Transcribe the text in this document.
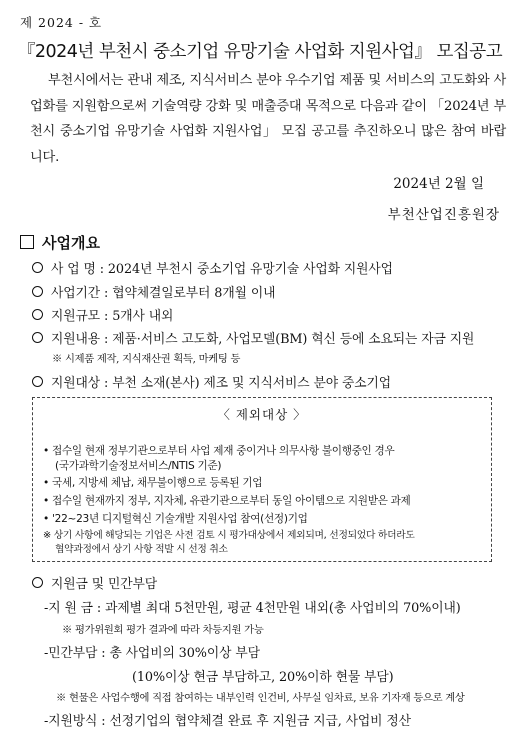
제 2024 - 호
『2024년 부천시 중소기업 유망기술 사업화 지원사업』 모집공고
부천시에서는 관내 제조, 지식서비스 분야 우수기업 제품 및 서비스의 고도화와 사업화를 지원함으로써 기술역량 강화 및 매출증대 목적으로 다음과 같이 「2024년 부천시 중소기업 유망기술 사업화 지원사업」 모집 공고를 추진하오니 많은 참여 바랍니다.
2024년 2월 일
부천산업진흥원장
사업개요
사 업 명 : 2024년 부천시 중소기업 유망기술 사업화 지원사업
사업기간 : 협약체결일로부터 8개월 이내
지원규모 : 5개사 내외
지원내용 : 제품·서비스 고도화, 사업모델(BM) 혁신 등에 소요되는 자금 지원
※ 시제품 제작, 지식재산권 획득, 마케팅 등
지원대상 : 부천 소재(본사) 제조 및 지식서비스 분야 중소기업
〈 제외대상 〉
• 접수일 현재 정부기관으로부터 사업 제재 중이거나 의무사항 불이행중인 경우
(국가과학기술정보서비스/NTIS 기준)
• 국세, 지방세 체납, 채무불이행으로 등록된 기업
• 접수일 현재까지 정부, 지자체, 유관기관으로부터 동일 아이템으로 지원받은 과제
• '22~23년 디지털혁신 기술개발 지원사업 참여(선정)기업
※ 상기 사항에 해당되는 기업은 사전 검토 시 평가대상에서 제외되며, 선정되었다 하더라도
협약과정에서 상기 사항 적발 시 선정 취소
지원금 및 민간부담
-지 원 금 : 과제별 최대 5천만원, 평균 4천만원 내외(총 사업비의 70%이내)
※ 평가위원회 평가 결과에 따라 차등지원 가능
-민간부담 : 총 사업비의 30%이상 부담
(10%이상 현금 부담하고, 20%이하 현물 부담)
※ 현물은 사업수행에 직접 참여하는 내부인력 인건비, 사무실 임차료, 보유 기자재 등으로 계상
-지원방식 : 선정기업의 협약체결 완료 후 지원금 지급, 사업비 정산
